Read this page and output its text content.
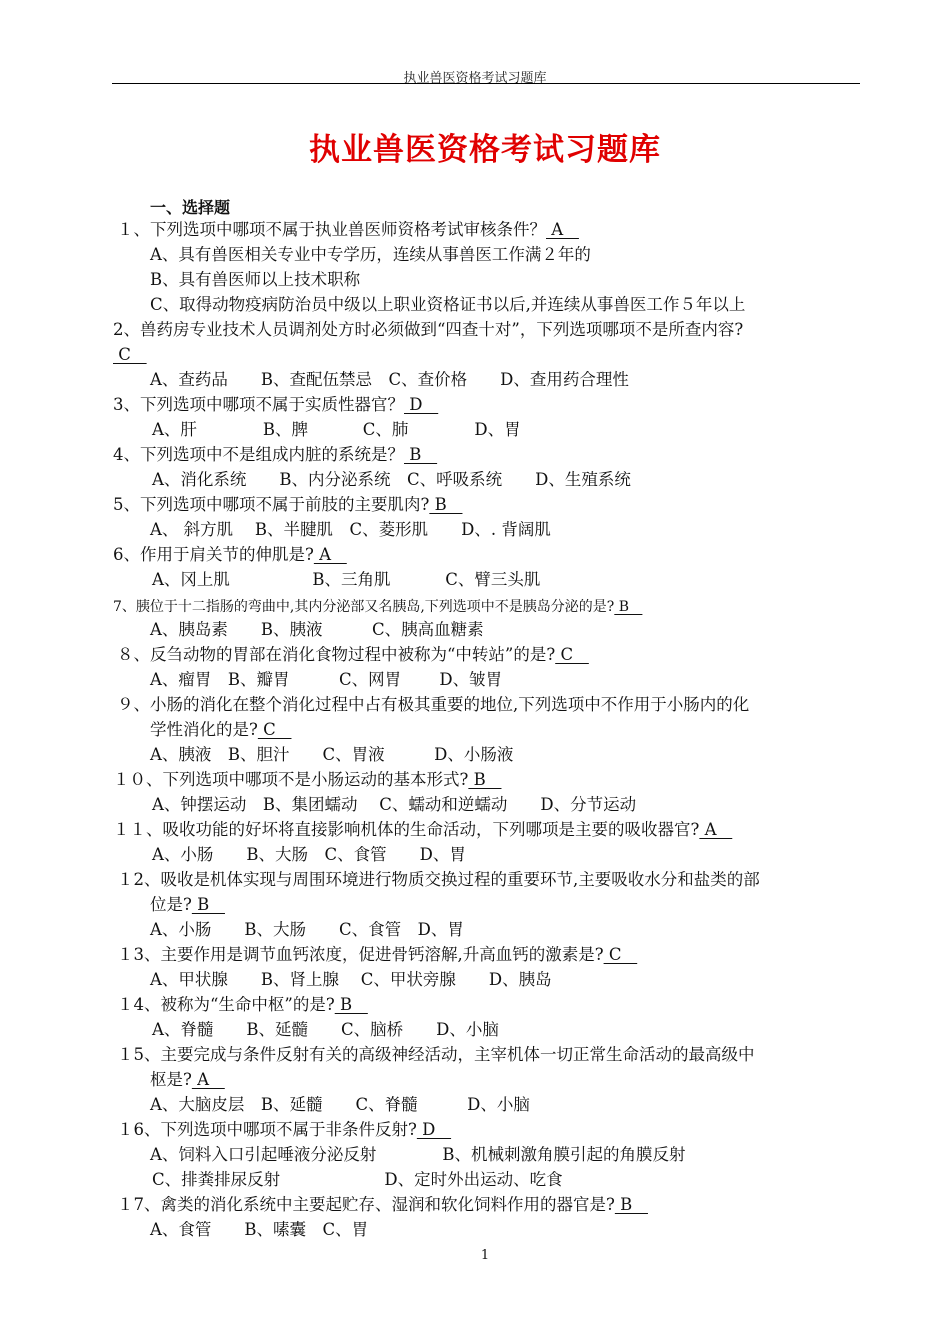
执业兽医资格考试习题库
执业兽医资格考试习题库
一、选择题
１、下列选项中哪项不属于执业兽医师资格考试审核条件？ A
A、具有兽医相关专业中专学历，连续从事兽医工作满２年的
B、具有兽医师以上技术职称
C、取得动物疫病防治员中级以上职业资格证书以后,并连续从事兽医工作５年以上
2、兽药房专业技术人员调剂处方时必须做到“四查十对”，下列选项哪项不是所查内容?
C
A、查药品　　B、查配伍禁忌　C、查价格　　D、查用药合理性
3、下列选项中哪项不属于实质性器官？ D
A、肝　　　　B、脾　　　 C、肺　　　　D、胃
4、下列选项中不是组成内脏的系统是？ B
A、消化系统　　B、内分泌系统　C、呼吸系统　　D、生殖系统
5、下列选项中哪项不属于前肢的主要肌肉? B
A、 斜方肌　 B、半腱肌　C、菱形肌　　D、. 背阔肌
6、作用于肩关节的伸肌是? A
A、冈上肌　　　　　B、三角肌　　　 C、臂三头肌
7、胰位于十二指肠的弯曲中,其内分泌部又名胰岛,下列选项中不是胰岛分泌的是? B
A、胰岛素　　B、胰液　　　C、胰高血糖素
８、反刍动物的胃部在消化食物过程中被称为“中转站”的是? C
A、瘤胃　B、瓣胃　　　C、网胃　　 D、皱胃
９、小肠的消化在整个消化过程中占有极其重要的地位,下列选项中不作用于小肠内的化
学性消化的是? C
A、胰液　B、胆汁　　C、胃液　　　D、小肠液
１０、下列选项中哪项不是小肠运动的基本形式? B
A、钟摆运动　B、集团蠕动　 C、蠕动和逆蠕动　　D、分节运动
１１、吸收功能的好坏将直接影响机体的生命活动，下列哪项是主要的吸收器官? A
A、小肠　　B、大肠　C、食管　　D、胃
１2、吸收是机体实现与周围环境进行物质交换过程的重要环节,主要吸收水分和盐类的部
位是? B
A、小肠　　B、大肠　　C、食管　D、胃
１3、主要作用是调节血钙浓度，促进骨钙溶解,升高血钙的激素是? C
A、甲状腺　　B、肾上腺　 C、甲状旁腺　　D、胰岛
１4、被称为“生命中枢”的是? B
A、脊髓　　B、延髓　　C、脑桥　　D、小脑
１5、主要完成与条件反射有关的高级神经活动，主宰机体一切正常生命活动的最高级中
枢是? A
A、大脑皮层　B、延髓　　C、脊髓　　　D、小脑
１6、下列选项中哪项不属于非条件反射? D
A、饲料入口引起唾液分泌反射　　　　B、机械刺激角膜引起的角膜反射
C、排粪排尿反射　　　　　　 D、定时外出运动、吃食
１7、禽类的消化系统中主要起贮存、湿润和软化饲料作用的器官是? B
A、食管　　B、嗉囊　C、胃
1
